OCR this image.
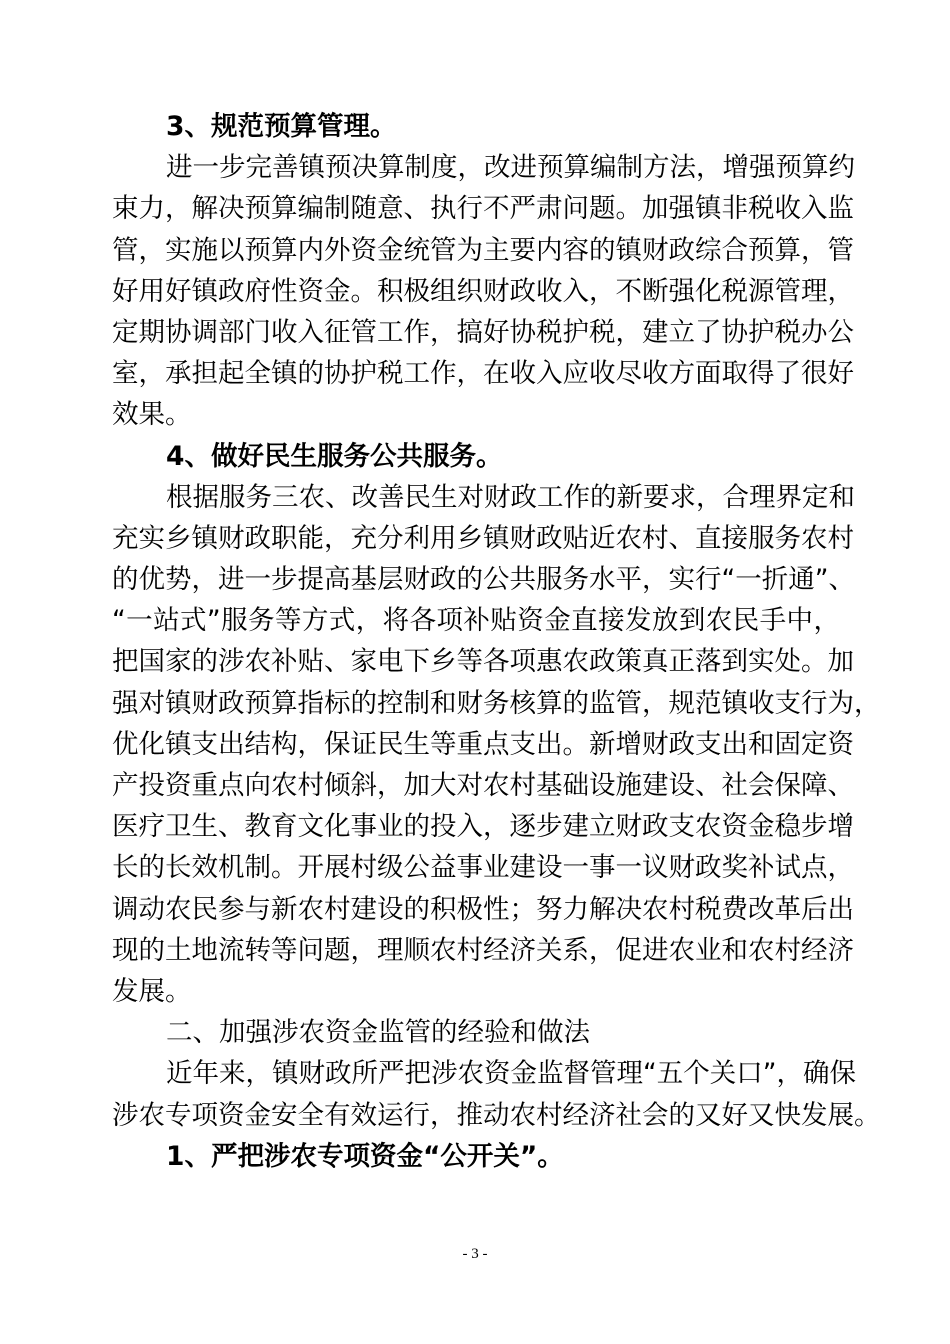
3、规范预算管理。
进一步完善镇预决算制度，改进预算编制方法，增强预算约
束力，解决预算编制随意、执行不严肃问题。加强镇非税收入监
管，实施以预算内外资金统管为主要内容的镇财政综合预算，管
好用好镇政府性资金。积极组织财政收入，不断强化税源管理，
定期协调部门收入征管工作，搞好协税护税，建立了协护税办公
室，承担起全镇的协护税工作，在收入应收尽收方面取得了很好
效果。
4、做好民生服务公共服务。
根据服务三农、改善民生对财政工作的新要求，合理界定和
充实乡镇财政职能，充分利用乡镇财政贴近农村、直接服务农村
的优势，进一步提高基层财政的公共服务水平，实行“一折通”、
“一站式”服务等方式，将各项补贴资金直接发放到农民手中，
把国家的涉农补贴、家电下乡等各项惠农政策真正落到实处。加
强对镇财政预算指标的控制和财务核算的监管，规范镇收支行为，
优化镇支出结构，保证民生等重点支出。新增财政支出和固定资
产投资重点向农村倾斜，加大对农村基础设施建设、社会保障、
医疗卫生、教育文化事业的投入，逐步建立财政支农资金稳步增
长的长效机制。开展村级公益事业建设一事一议财政奖补试点，
调动农民参与新农村建设的积极性；努力解决农村税费改革后出
现的土地流转等问题，理顺农村经济关系，促进农业和农村经济
发展。
二、加强涉农资金监管的经验和做法
近年来，镇财政所严把涉农资金监督管理“五个关口”，确保
涉农专项资金安全有效运行，推动农村经济社会的又好又快发展。
1、严把涉农专项资金“公开关”。
- 3 -
